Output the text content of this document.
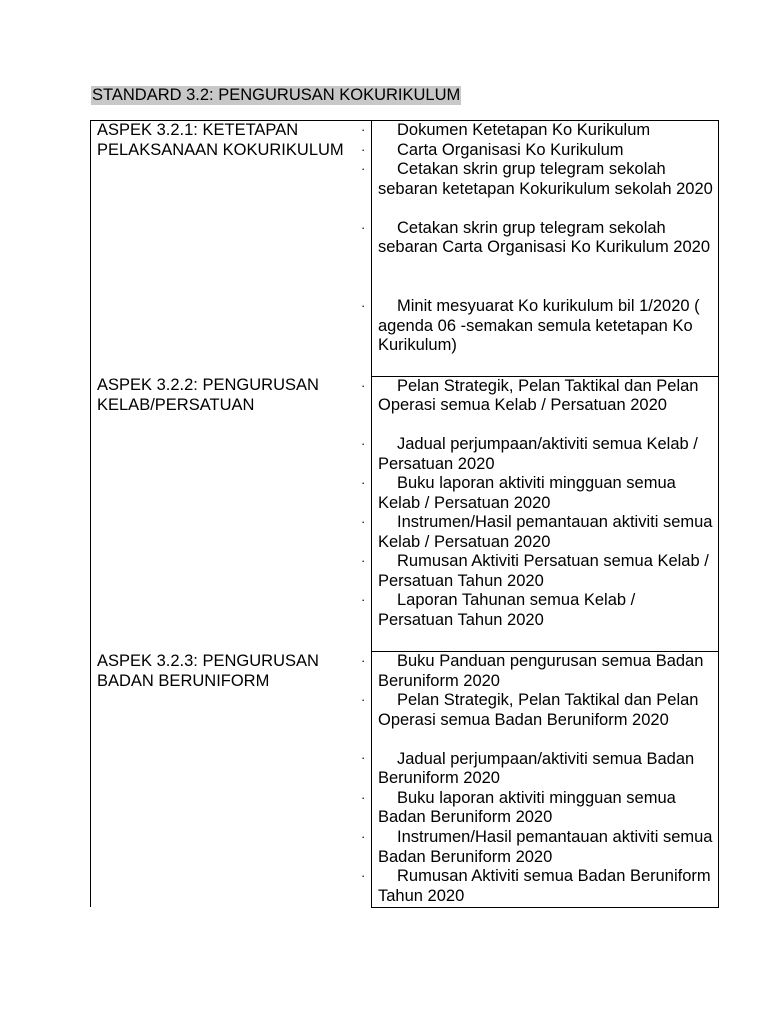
STANDARD 3.2: PENGURUSAN KOKURIKULUM
ASPEK 3.2.1: KETETAPAN PELAKSANAAN KOKURIKULUM
·
·
·
·
·
Dokumen Ketetapan Ko Kurikulum
Carta Organisasi Ko Kurikulum
Cetakan skrin grup telegram sekolah sebaran ketetapan Kokurikulum sekolah 2020
Cetakan skrin grup telegram sekolah sebaran Carta Organisasi Ko Kurikulum 2020
Minit mesyuarat Ko kurikulum bil 1/2020 ( agenda 06 -semakan semula ketetapan Ko Kurikulum)
ASPEK 3.2.2: PENGURUSAN KELAB/PERSATUAN
·
·
·
·
·
·
Pelan Strategik, Pelan Taktikal dan Pelan Operasi semua Kelab / Persatuan 2020
Jadual perjumpaan/aktiviti semua Kelab / Persatuan 2020
Buku laporan aktiviti mingguan semua Kelab / Persatuan 2020
Instrumen/Hasil pemantauan aktiviti semua Kelab / Persatuan 2020
Rumusan Aktiviti Persatuan semua Kelab / Persatuan Tahun 2020
Laporan Tahunan semua Kelab / Persatuan Tahun 2020
ASPEK 3.2.3: PENGURUSAN BADAN BERUNIFORM
·
·
·
·
·
·
Buku Panduan pengurusan semua Badan Beruniform 2020
Pelan Strategik, Pelan Taktikal dan Pelan Operasi semua Badan Beruniform 2020
Jadual perjumpaan/aktiviti semua Badan Beruniform 2020
Buku laporan aktiviti mingguan semua Badan Beruniform 2020
Instrumen/Hasil pemantauan aktiviti semua Badan Beruniform 2020
Rumusan Aktiviti semua Badan Beruniform Tahun 2020
